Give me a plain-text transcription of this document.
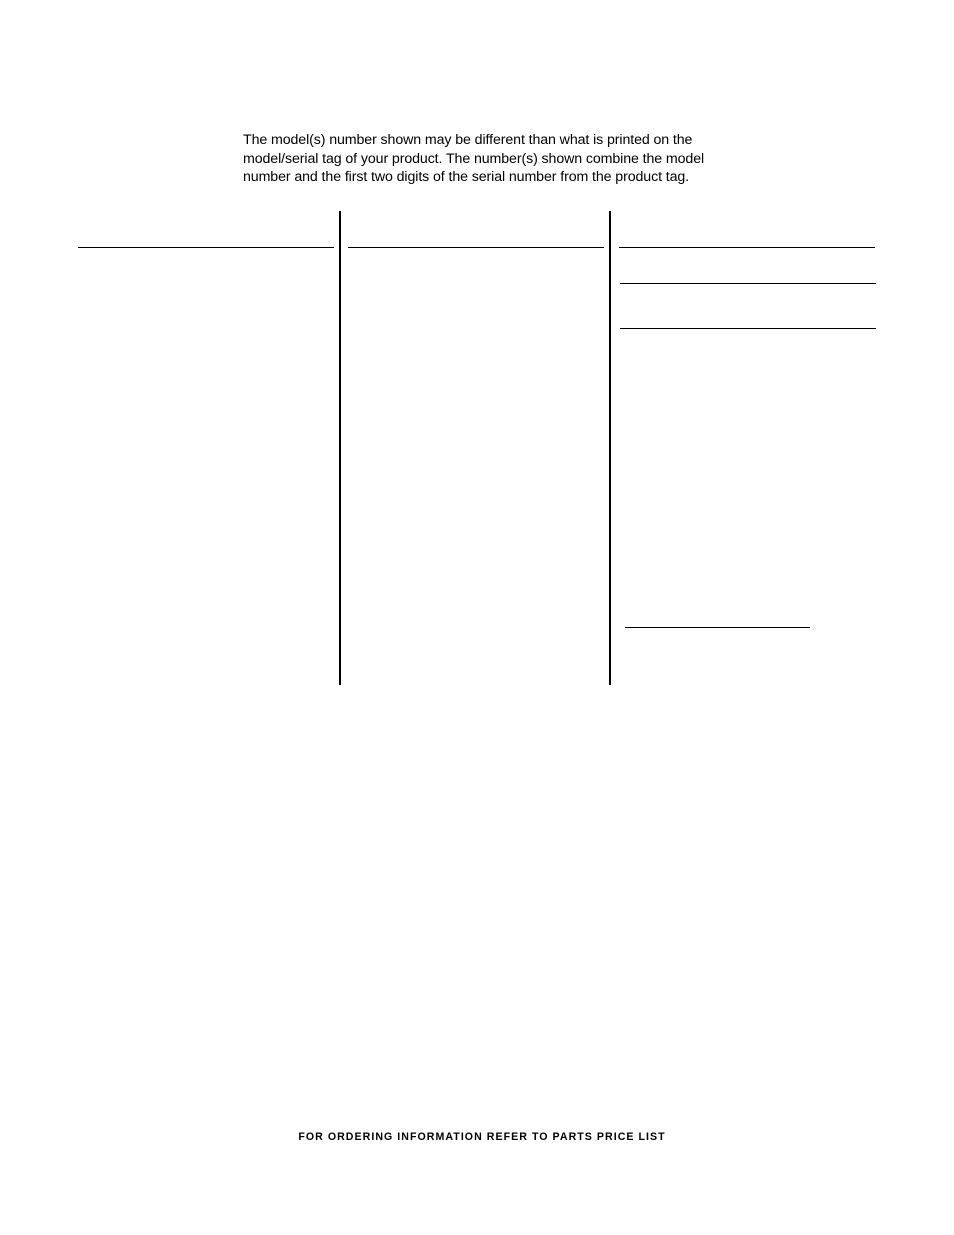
The model(s) number shown may be different than what is printed on the
model/serial tag of your product. The number(s) shown combine the model
number and the first two digits of the serial number from the product tag.
FOR ORDERING INFORMATION REFER TO PARTS PRICE LIST
